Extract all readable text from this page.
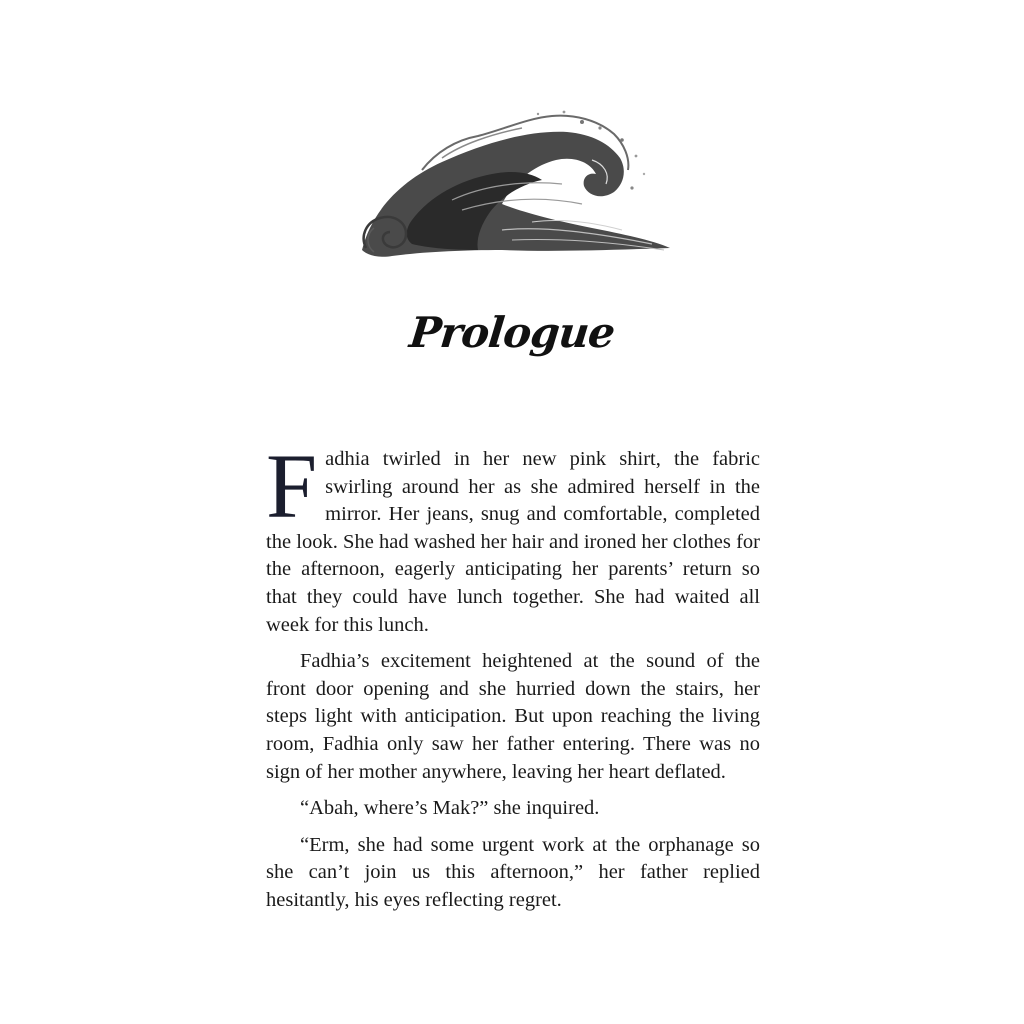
Prologue

Fadhia twirled in her new pink shirt, the fabric swirling around her as she admired herself in the mirror. Her jeans, snug and comfortable, completed the look. She had washed her hair and ironed her clothes for the afternoon, eagerly anticipating her parents’ return so that they could have lunch together. She had waited all week for this lunch.

Fadhia’s excitement heightened at the sound of the front door opening and she hurried down the stairs, her steps light with anticipation. But upon reaching the living room, Fadhia only saw her father entering. There was no sign of her mother anywhere, leaving her heart deflated.

“Abah, where’s Mak?” she inquired.

“Erm, she had some urgent work at the orphanage so she can’t join us this afternoon,” her father replied hesitantly, his eyes reflecting regret.
